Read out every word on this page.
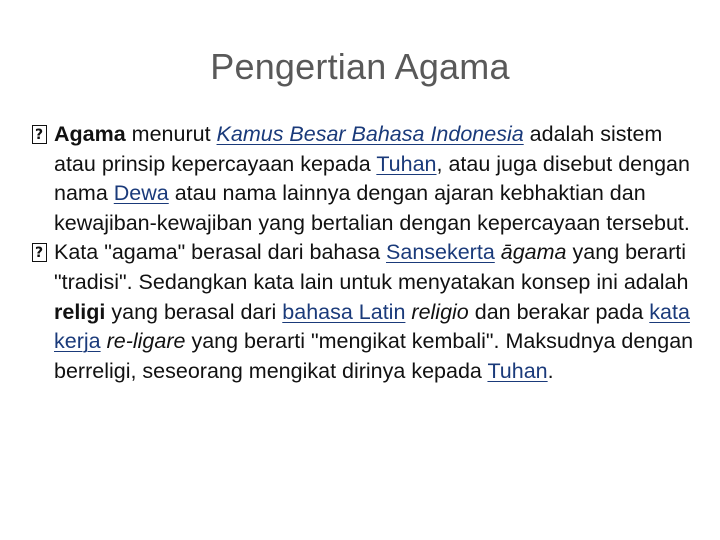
Pengertian Agama

?
Agama menurut Kamus Besar Bahasa Indonesia adalah sistem atau prinsip kepercayaan kepada Tuhan, atau juga disebut dengan nama Dewa atau nama lainnya dengan ajaran kebhaktian dan kewajiban-kewajiban yang bertalian dengan kepercayaan tersebut.

?
Kata "agama" berasal dari bahasa Sansekerta āgama yang berarti "tradisi". Sedangkan kata lain untuk menyatakan konsep ini adalah religi yang berasal dari bahasa Latin religio dan berakar pada kata kerja re-ligare yang berarti "mengikat kembali". Maksudnya dengan berreligi, seseorang mengikat dirinya kepada Tuhan.
